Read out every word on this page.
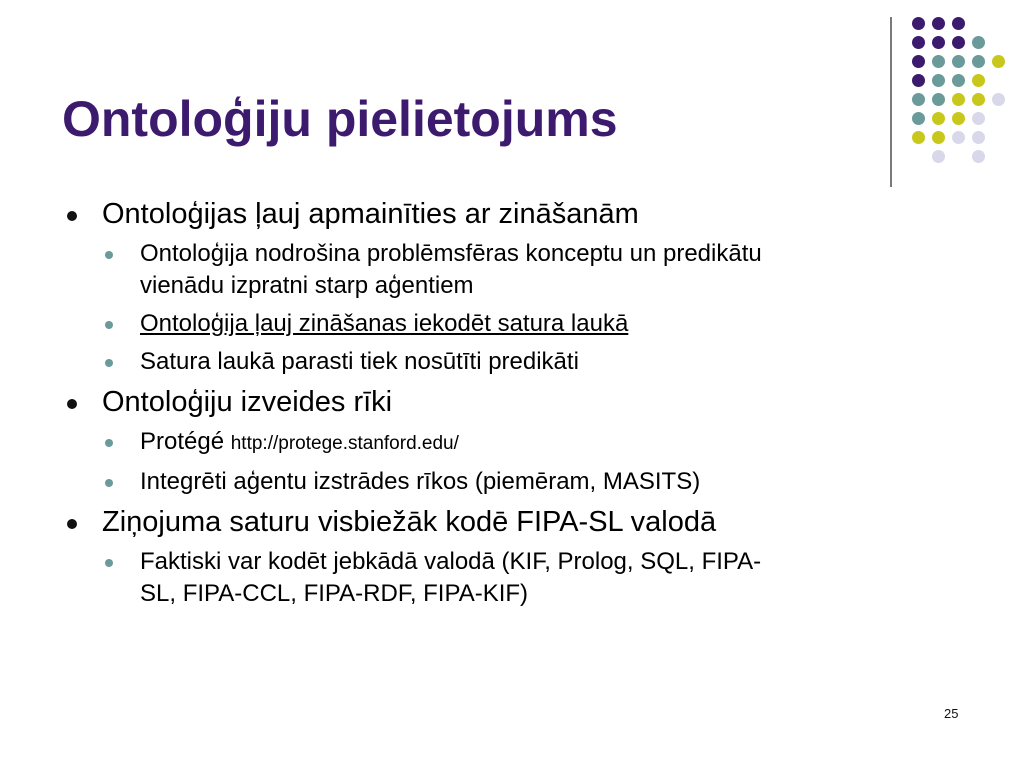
Ontoloģiju pielietojums
Ontoloģijas ļauj apmainīties ar zināšanām
Ontoloģija nodrošina problēmsfēras konceptu un predikātu
vienādu izpratni starp aģentiem
Ontoloģija ļauj zināšanas iekodēt satura laukā
Satura laukā parasti tiek nosūtīti predikāti
Ontoloģiju izveides rīki
Protégé http://protege.stanford.edu/
Integrēti aģentu izstrādes rīkos (piemēram, MASITS)
Ziņojuma saturu visbiežāk kodē FIPA-SL valodā
Faktiski var kodēt jebkādā valodā (KIF, Prolog, SQL, FIPA-
SL, FIPA-CCL, FIPA-RDF, FIPA-KIF)
25
